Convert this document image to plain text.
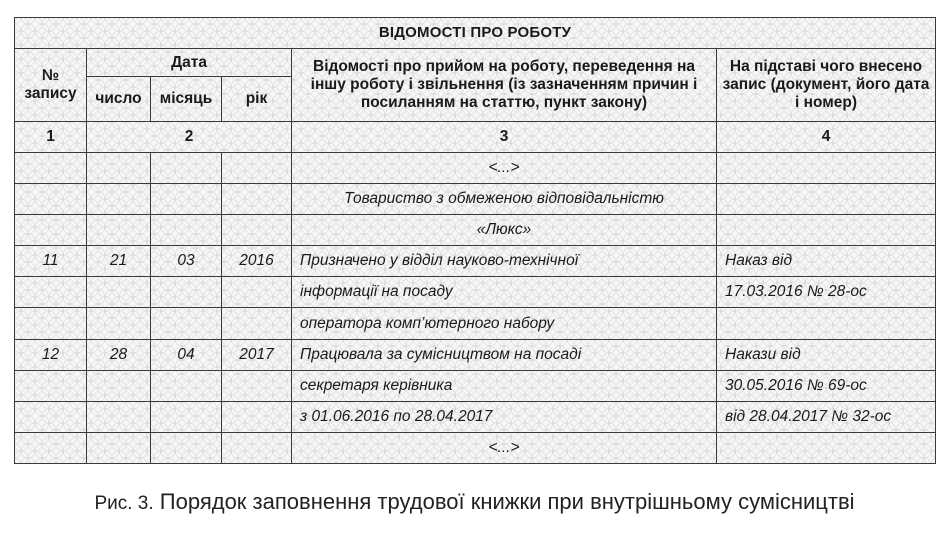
ВІДОМОСТІ ПРО РОБОТУ					
№ запису	Дата			Відомості про прийом на роботу, переведення на іншу роботу і звільнення (із зазначенням причин і посиланням на статтю, пункт закону)	На підставі чого внесено запис (документ, його дата і номер)
	число	місяць	рік		
1	2			3	4
				<...>	
				Товариство з обмеженою відповідальністю	
				«Люкс»	
11	21	03	2016	Призначено у відділ науково-технічної	Наказ від
				інформації на посаду	17.03.2016 № 28-ос
				оператора комп’ютерного набору	
12	28	04	2017	Працювала за сумісництвом на посаді	Накази від
				секретаря керівника	30.05.2016 № 69-ос
				з 01.06.2016 по 28.04.2017	від 28.04.2017 № 32-ос
				<...>	
Рис. 3. Порядок заповнення трудової книжки при внутрішньому сумісництві
